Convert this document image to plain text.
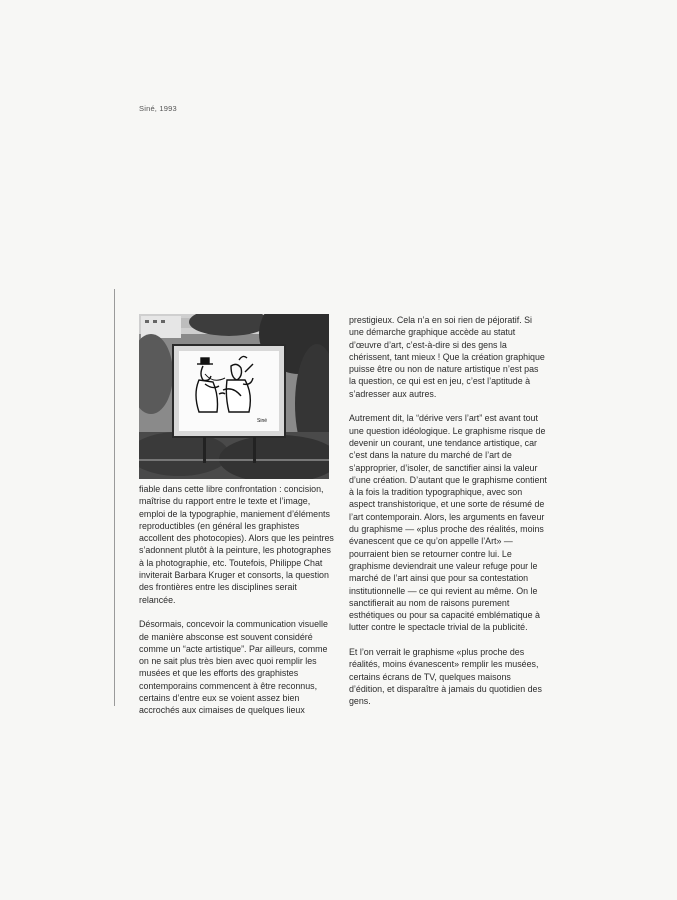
Siné, 1993
Siné

fiable dans cette libre confrontation : concision, maîtrise du rapport entre le texte et l’image, emploi de la typographie, maniement d’éléments reproductibles (en général les graphistes accollent des photocopies). Alors que les peintres s’adonnent plutôt à la peinture, les photographes à la photographie, etc. Toutefois, Philippe Chat inviterait Barbara Kruger et consorts, la question des frontières entre les disciplines serait relancée.

Désormais, concevoir la communication visuelle de manière absconse est souvent considéré comme un “acte artistique”. Par ailleurs, comme on ne sait plus très bien avec quoi remplir les musées et que les efforts des graphistes contemporains commencent à être reconnus, certains d’entre eux se voient assez bien accrochés aux cimaises de quelques lieux

prestigieux. Cela n’a en soi rien de péjoratif. Si une démarche graphique accède au statut d’œuvre d’art, c’est-à-dire si des gens la chérissent, tant mieux ! Que la création graphique puisse être ou non de nature artistique n’est pas la question, ce qui est en jeu, c’est l’aptitude à s’adresser aux autres.

Autrement dit, la “dérive vers l’art” est avant tout une question idéologique. Le graphisme risque de devenir un courant, une tendance artistique, car c’est dans la nature du marché de l’art de s’approprier, d’isoler, de sanctifier ainsi la valeur d’une création. D’autant que le graphisme contient à la fois la tradition typographique, avec son aspect transhistorique, et une sorte de résumé de l’art contemporain. Alors, les arguments en faveur du graphisme — «plus proche des réalités, moins évanescent que ce qu’on appelle l’Art» — pourraient bien se retourner contre lui. Le graphisme deviendrait une valeur refuge pour le marché de l’art ainsi que pour sa contestation institutionnelle — ce qui revient au même. On le sanctifierait au nom de raisons purement esthétiques ou pour sa capacité emblématique à lutter contre le spectacle trivial de la publicité.

Et l’on verrait le graphisme «plus proche des réalités, moins évanescent» remplir les musées, certains écrans de TV, quelques maisons d’édition, et disparaître à jamais du quotidien des gens.
